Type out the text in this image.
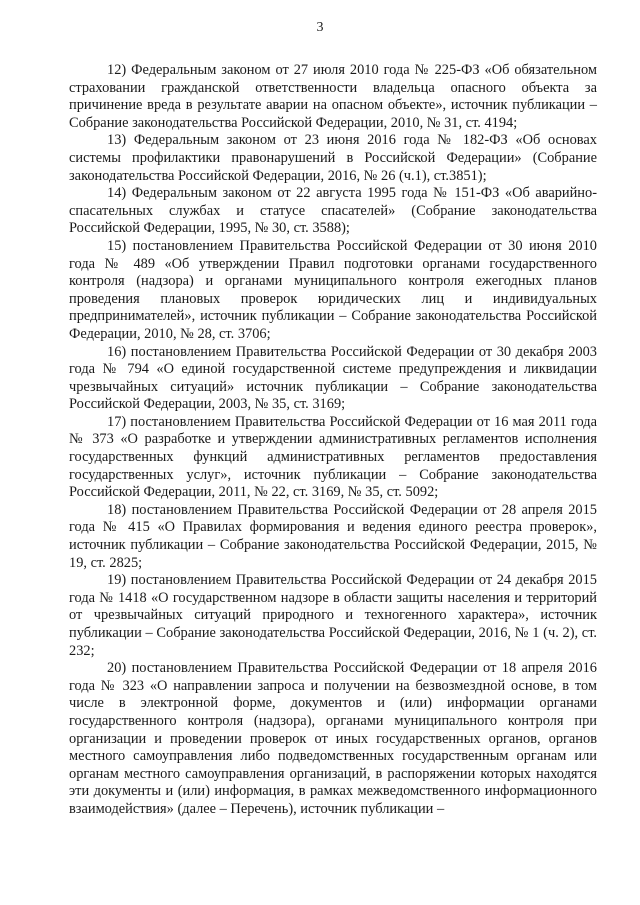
3

12) Федеральным законом от 27 июля 2010 года № 225-ФЗ «Об обязательном страховании гражданской ответственности владельца опасного объекта за причинение вреда в результате аварии на опасном объекте», источник публикации – Собрание законодательства Российской Федерации, 2010, № 31, ст. 4194;

13) Федеральным законом от 23 июня 2016 года № 182-ФЗ «Об основах системы профилактики правонарушений в Российской Федерации» (Собрание законодательства Российской Федерации, 2016, № 26 (ч.1), ст.3851);

14) Федеральным законом от 22 августа 1995 года № 151-ФЗ «Об аварийно-спасательных службах и статусе спасателей» (Собрание законодательства Российской Федерации, 1995, № 30, ст. 3588);

15) постановлением Правительства Российской Федерации от 30 июня 2010 года № 489 «Об утверждении Правил подготовки органами государственного контроля (надзора) и органами муниципального контроля ежегодных планов проведения плановых проверок юридических лиц и индивидуальных предпринимателей», источник публикации – Собрание законодательства Российской Федерации, 2010, № 28, ст. 3706;

16) постановлением Правительства Российской Федерации от 30 декабря 2003 года № 794 «О единой государственной системе предупреждения и ликвидации чрезвычайных ситуаций» источник публикации – Собрание законодательства Российской Федерации, 2003, № 35, ст. 3169;

17) постановлением Правительства Российской Федерации от 16 мая 2011 года № 373 «О разработке и утверждении административных регламентов исполнения государственных функций административных регламентов предоставления государственных услуг», источник публикации – Собрание законодательства Российской Федерации, 2011, № 22, ст. 3169, № 35, ст. 5092;

18) постановлением Правительства Российской Федерации от 28 апреля 2015 года № 415 «О Правилах формирования и ведения единого реестра проверок», источник публикации – Собрание законодательства Российской Федерации, 2015, № 19, ст. 2825;

19) постановлением Правительства Российской Федерации от 24 декабря 2015 года № 1418 «О государственном надзоре в области защиты населения и территорий от чрезвычайных ситуаций природного и техногенного характера», источник публикации – Собрание законодательства Российской Федерации, 2016, № 1 (ч. 2), ст. 232;

20) постановлением Правительства Российской Федерации от 18 апреля 2016 года № 323 «О направлении запроса и получении на безвозмездной основе, в том числе в электронной форме, документов и (или) информации органами государственного контроля (надзора), органами муниципального контроля при организации и проведении проверок от иных государственных органов, органов местного самоуправления либо подведомственных государственным органам или органам местного самоуправления организаций, в распоряжении которых находятся эти документы и (или) информация, в рамках межведомственного информационного взаимодействия» (далее – Перечень), источник публикации –
